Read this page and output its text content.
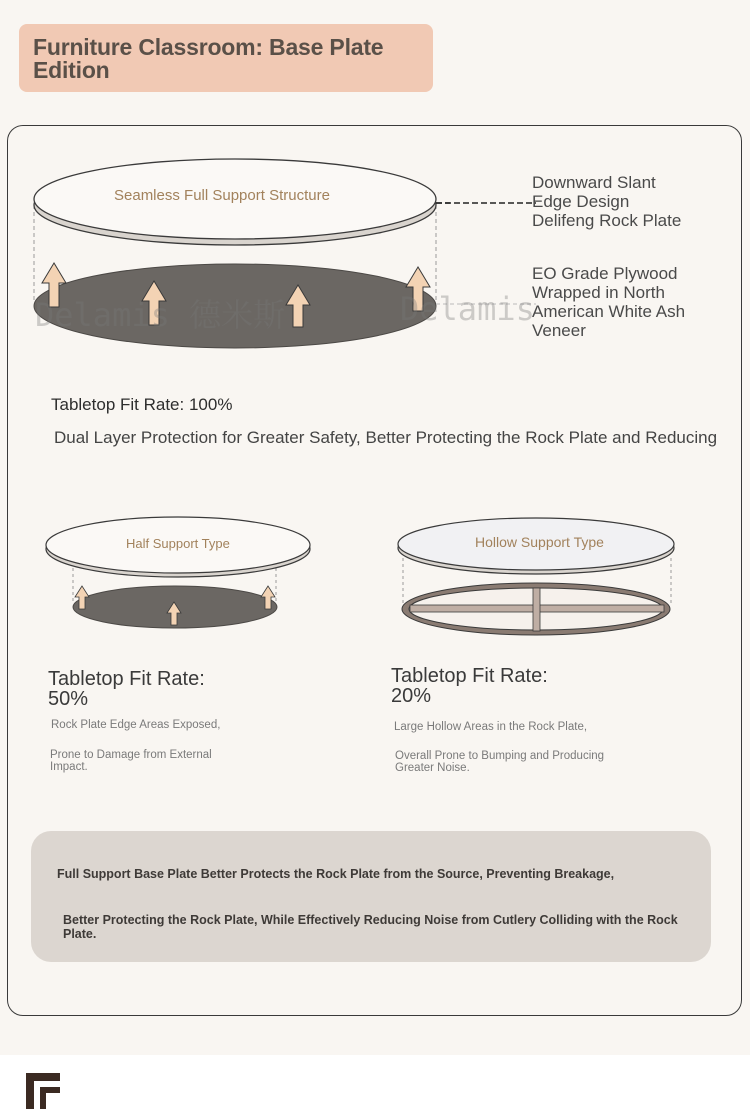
Furniture Classroom: Base Plate Edition
Seamless Full Support Structure
Downward Slant Edge Design Delifeng Rock Plate
EO Grade Plywood Wrapped in North American White Ash Veneer
Delamis 德米斯	Delamis
Tabletop Fit Rate: 100%
Dual Layer Protection for Greater Safety, Better Protecting the Rock Plate and Reducing
Half Support Type	Hollow Support Type
Tabletop Fit Rate: 50%
Rock Plate Edge Areas Exposed,
Prone to Damage from External Impact.
Tabletop Fit Rate: 20%
Large Hollow Areas in the Rock Plate,
Overall Prone to Bumping and Producing Greater Noise.
Full Support Base Plate Better Protects the Rock Plate from the Source, Preventing Breakage,
Better Protecting the Rock Plate, While Effectively Reducing Noise from Cutlery Colliding with the Rock Plate.
